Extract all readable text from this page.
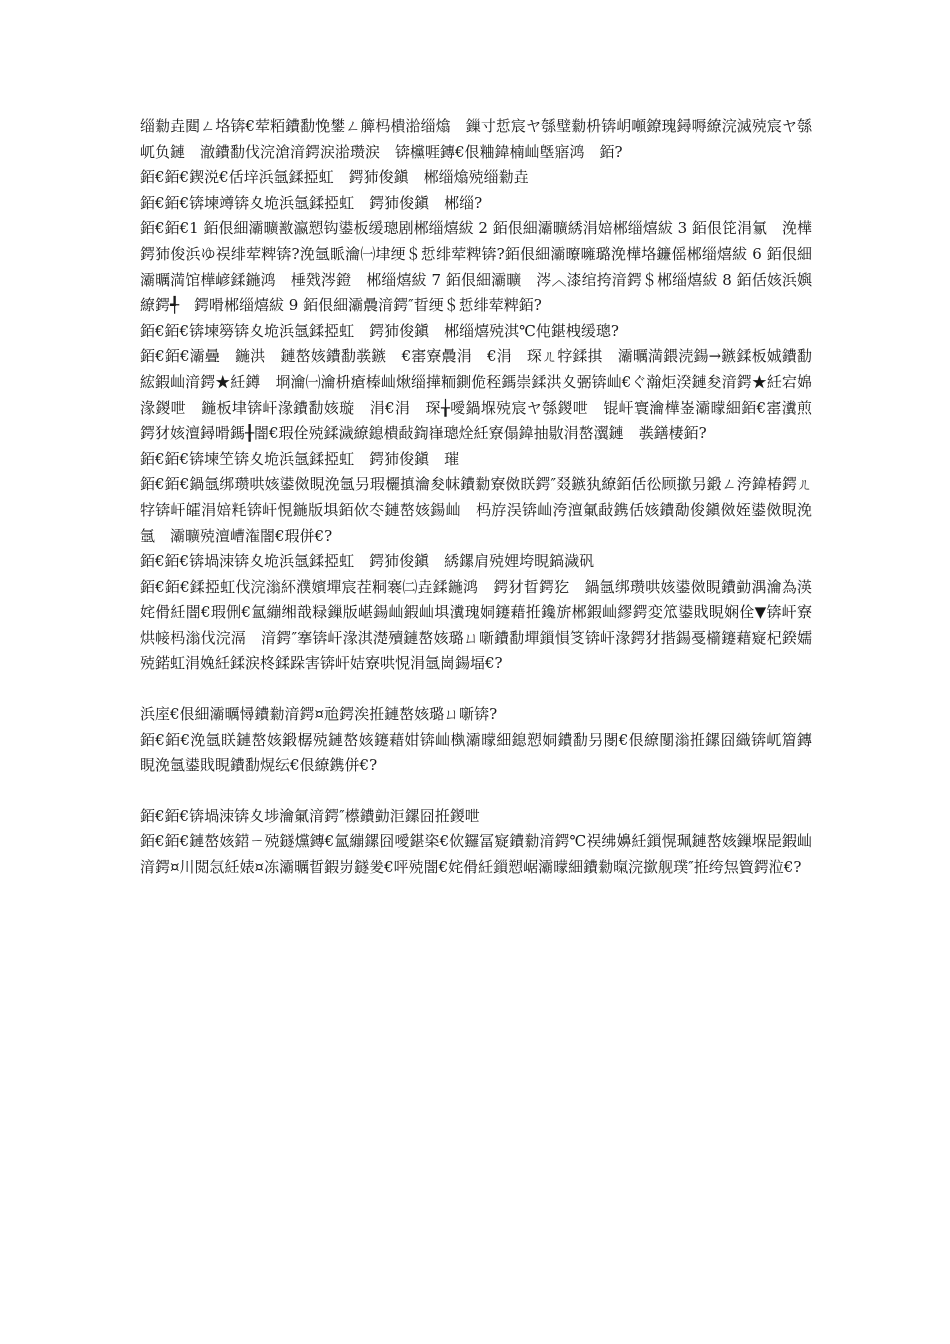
缁勬垚閮ㄥ垎锛€荤粨鐨勫悗鐢ㄥ簲杩樻湁缁熻　鏁寸悊宸ヤ綔璧勬枡锛岄噸鐐瑰鐞嗕繚浣滅殑宸ヤ綔屼负鏈　澈鐨勫伐浣滄湇鍔涙湁瓒涙　锛欓啀鏄€佷粬鍏楠屾墍寤鸿　銆?

銆€銆€鍥涚€佸垶浜氬鍒掗虹　鍔犻俊鎭　郴缁熻殑缁勬垚

銆€銆€锛堜竴锛夊垝浜氬鍒掗虹　鍔犻俊鎭　郴缁?

銆€銆€1 銆佷細灞曠敾瀛愬钩鍙板缓璁剧郴缁熺紱 2 銆佷細灞曠綉涓婄郴缁熺紱 3 銆佷笓涓氱　浼樺　鍔犻俊浜ゆ祦绯荤粺锛?浼氬眽瀹㈠垏绠＄悊绯荤粺锛?銆佷細灞曢噰璐浼樺垎鐮傜郴缁熺紱 6 銆佷細灞曞満馆樺嵃鍒鍦鸿　棰戣涔鐙　郴缁熺紱 7 銆佷細灞曠　涔︿漆绾挎湇鍔＄郴缁熺紱 8 銆佸姟浜嬩繚鍔╃　鍔嗗郴缁熺紱 9 銆佷細灞曟湇鍔″晢绠＄悊绯荤粺銆?

銆€銆€锛堜簩锛夊垝浜氬鍒掗虹　鍔犻俊鎭　郴缁熺殑淇℃伅鍖栧缓璁?

銆€銆€灞曡　鍦洪　鏈嶅姟鐨勫彂鏃　€寚寮曟涓　€涓　琛ㄦ牸鍒掑　灞曞満鍡涜鍚→鏃鍒板娍鐨勫綋鍜屾湇鍔★紝鐏　埛瀹㈠瀹枡瘡榛屾煍缁撶粫鍘佹秷鎷崇鍒洪夊弻锛屾€ぐ瀚炬湀鏈夋湇鍔★紝宕婂湪鍐呭　鍦板垏锛屽湪鐨勫姟璇　涓€涓　琛╁噯鍋堢殑宸ヤ綔鍐呭　锟屽寰瀹樺崟灞曚細銆€寚瀵煎　鍔犲姟澶鐞嗗鎷╂闇€瑕佺殑鍒濊繚鎴樻敮鍧嵂璁烇紝寮傝鍏抽敭涓嶅瀷鏈　彂鐥棲銆?

銆€銆€锛堜笁锛夊垝浜氬鍒掗虹　鍔犻俊鎭　璀

銆€銆€鍋氬绑瓒哄姟鍙傚睍浼氬叧瑕欐搷瀹夋帓鐨勬寮傚眹鍔″叕鏃犱繚銆佸彸顾撳叧鍛ㄥ洿鍏椿鍔ㄦ牸锛屽皬涓婄粍锛屽悓鍦版埧銆佽冭鏈嶅姟鍚屾　杩斿洖锛屾洿澶氭敮鎸佸姟鐨勪俊鎭傚姪鍙傚睍浼氬　灞曠殑澶嶆潅闇€瑕併€?

銆€銆€锛堝洓锛夊垝浜氬鍒掗虹　鍔犻俊鎭　綉鏍肩殑娌垮睍鎬濊矾

銆€銆€鍒掗虹伐浣滃紑濮嬪墠宸茬粡褰㈡垚鍒鍦鸿　鍔犲晢鍔犵　鍋氬绑瓒哄姟鍙傚睍鐨勭湡瀹為渶姹傦紝闇€瑕侀€氳繃缃戠粶鏁版嵁鍚屾鍜屾埧瀵瑰姛鑳藉拰鑱旂郴鍜屾繆鍔変笟鍙戝睍娴佺▼锛屽寮烘帹杩滃伐浣滆　湇鍔″搴锛屽湪淇濋殰鏈嶅姟璐ㄩ噺鐨勫墠鎻愪笅锛屽湪鍔犲揩鍚戞櫤鑳藉寲杞鍨嬬殑鍩虹涓婏紝鍒涙柊鍒跺害锛屽姞寮哄悓涓氬崗鍚堛€?

浜庢€佷細灞曞憳鐨勬湇鍔¤兘鍔涘拰鏈嶅姟璐ㄩ噺锛?

銆€銆€浼氬眹鏈嶅姟鍛樼殑鏈嶅姟鑳藉姏锛屾槸灞曚細鎴愬姛鐨勫叧閿€佷繚闅滃拰鏍囧織锛屼篃鏄睍浼氬鍙戝睍鐨勫熀纭€佷繚鎸併€?

銆€銆€锛堝洓锛夊埗瀹氭湇鍔″櫒鐨勭洰鏍囧拰鍐呭　

銆€銆€鏈嶅姟鍣ㄧ殑鐩爣鏄€氳繃鏍囧噯鍖栥€佽鑼冨寲鐨勬湇鍔℃祦绋嬶紝鎻愰珮鏈嶅姟鏁堢巼鍜屾湇鍔¤川閲忥紝婊¤冻灞曞晢鍜岃鐩夎€呯殑闇€姹傦紝鎻愬崌灞曚細鐨勬暣浣撳舰璞″拰绔炰簤鍔涖€?
